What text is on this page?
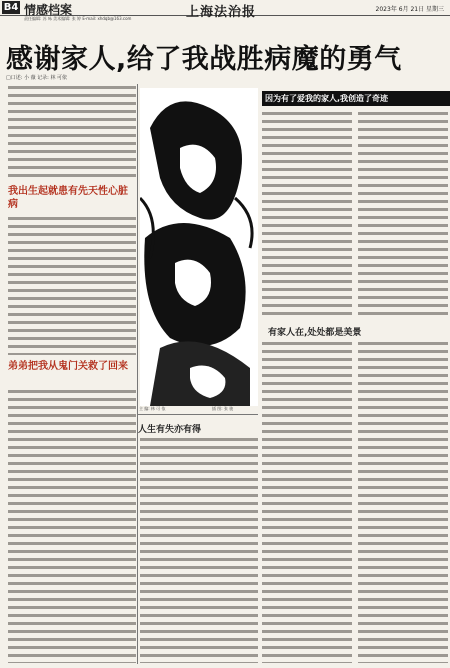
B4 情感档案
责任编辑: 苏 咏 美术编辑: 张 婷 E-mail: xhdqb@163.com	上海法治报	2023年 6月 21日 星期三
感谢家人,给了我战胜病魔的勇气
□口述: 小 薇 记录: 林 可依
我出生起就患有先天性心脏病
弟弟把我从鬼门关救了回来
主 编: 林 可 依	插 图: 张 骏
因为有了爱我的家人,我创造了奇迹
有家人在,处处都是美景
人生有失亦有得
